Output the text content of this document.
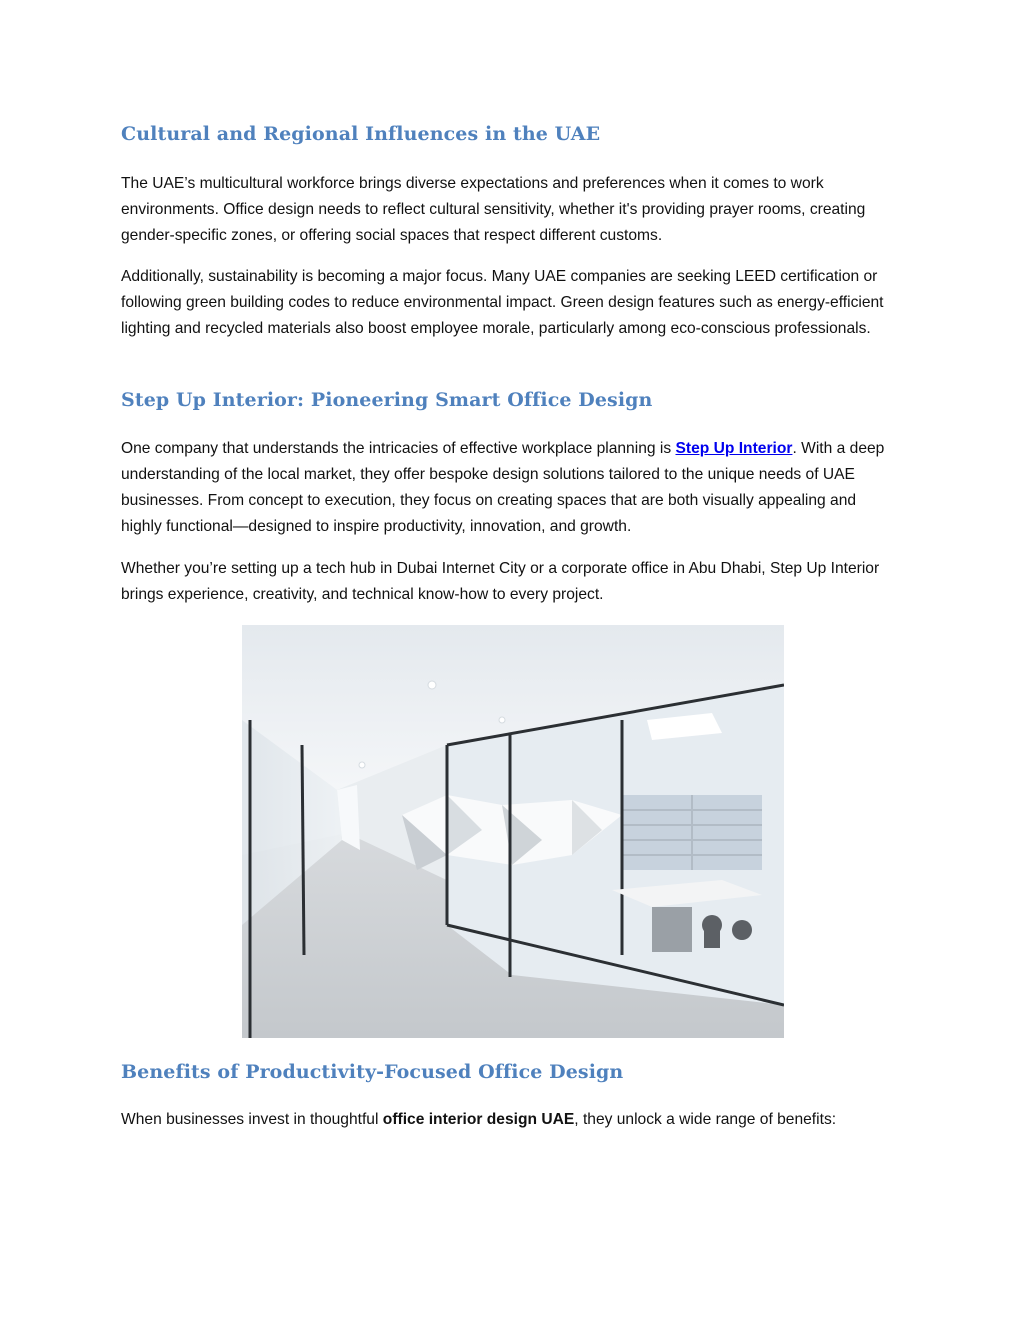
Cultural and Regional Influences in the UAE

The UAE’s multicultural workforce brings diverse expectations and preferences when it comes to work environments. Office design needs to reflect cultural sensitivity, whether it's providing prayer rooms, creating gender-specific zones, or offering social spaces that respect different customs.

Additionally, sustainability is becoming a major focus. Many UAE companies are seeking LEED certification or following green building codes to reduce environmental impact. Green design features such as energy-efficient lighting and recycled materials also boost employee morale, particularly among eco-conscious professionals.

Step Up Interior: Pioneering Smart Office Design

One company that understands the intricacies of effective workplace planning is Step Up Interior. With a deep understanding of the local market, they offer bespoke design solutions tailored to the unique needs of UAE businesses. From concept to execution, they focus on creating spaces that are both visually appealing and highly functional—designed to inspire productivity, innovation, and growth.

Whether you’re setting up a tech hub in Dubai Internet City or a corporate office in Abu Dhabi, Step Up Interior brings experience, creativity, and technical know-how to every project.

Benefits of Productivity-Focused Office Design

When businesses invest in thoughtful office interior design UAE, they unlock a wide range of benefits:
